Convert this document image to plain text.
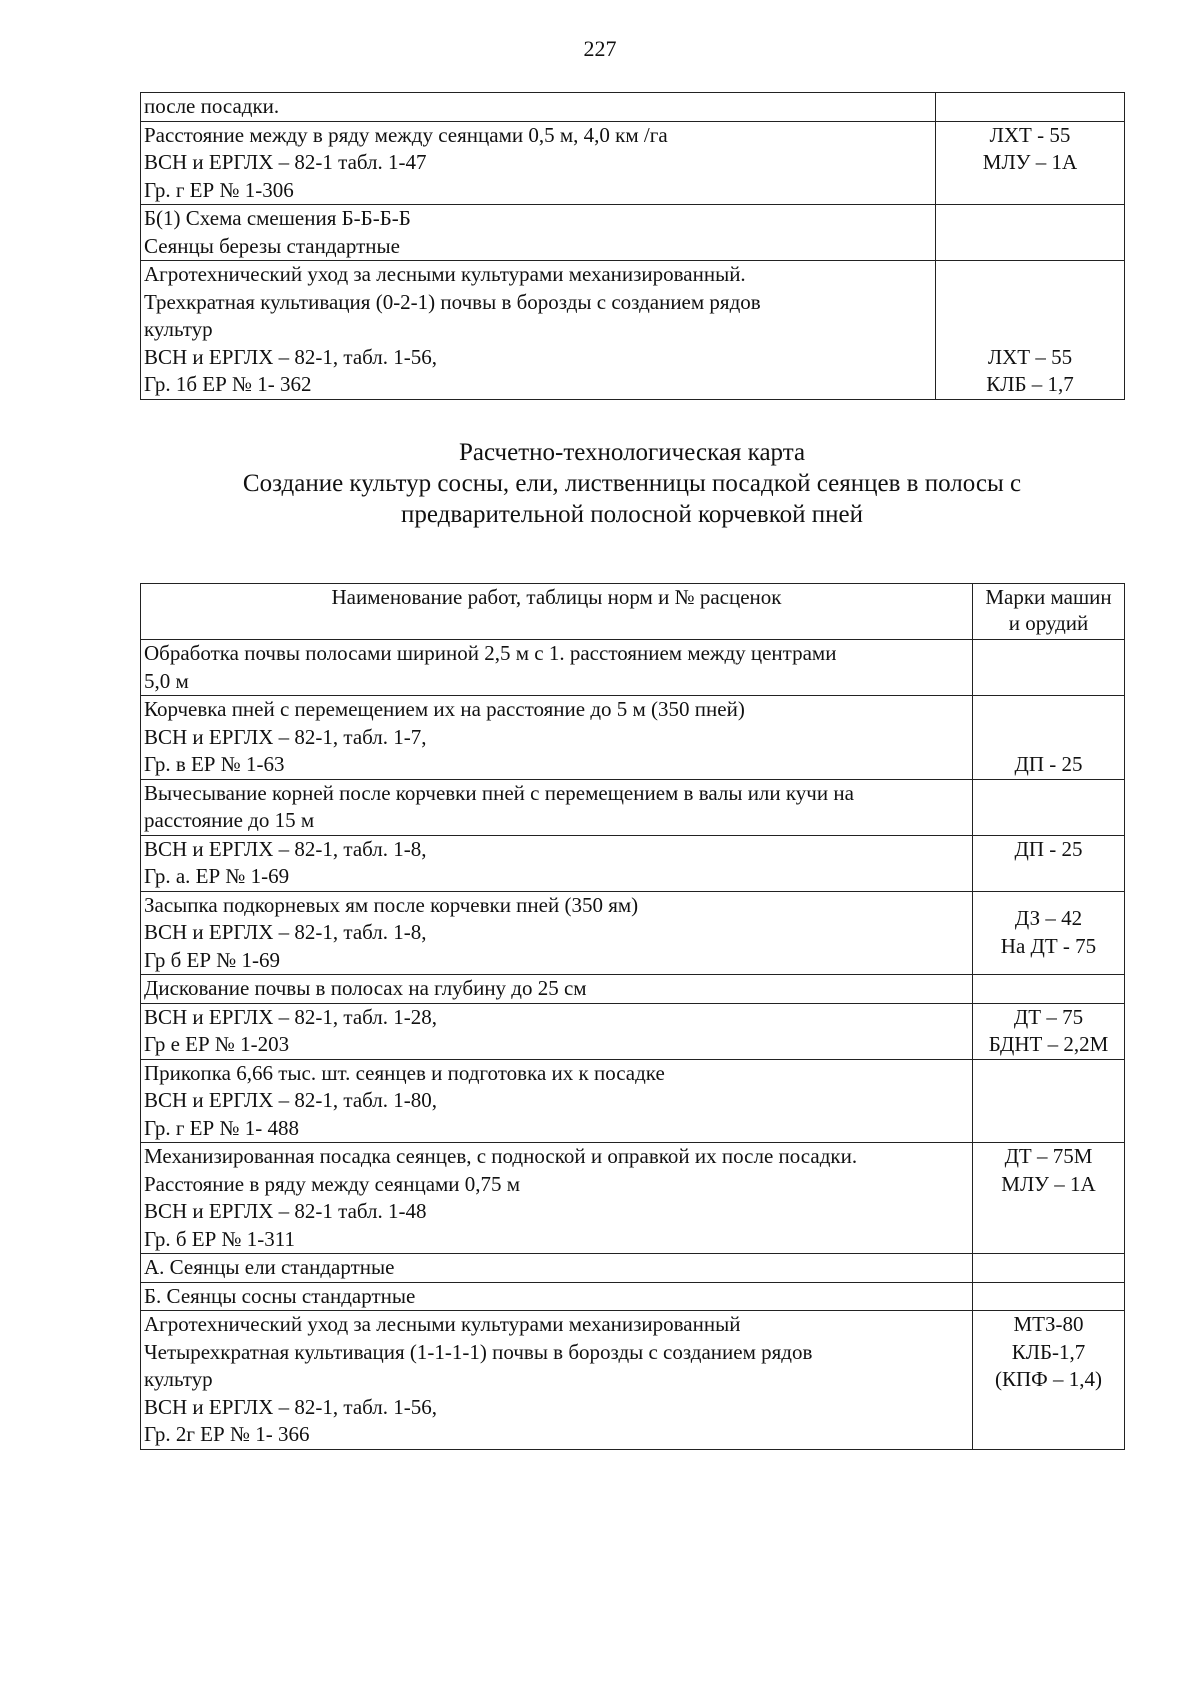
227
после посадки.	

Расстояние между в ряду между сеянцами 0,5 м, 4,0 км /га
ВСН и ЕРГЛХ – 82-1 табл. 1-47
Гр. г ЕР № 1-306	ЛХТ - 55
МЛУ – 1А

Б(1) Схема смешения Б-Б-Б-Б
Сеянцы березы стандартные	

Агротехнический уход за лесными культурами механизированный.
Трехкратная культивация (0-2-1) почвы в борозды с созданием рядов
культур
ВСН и ЕРГЛХ – 82-1, табл. 1-56,
Гр. 1б ЕР № 1- 362	ЛХТ – 55
КЛБ – 1,7
Расчетно-технологическая карта
Создание культур сосны, ели, лиственницы посадкой сеянцев в полосы с
предварительной полосной корчевкой пней
Наименование работ, таблицы норм и № расценок	Марки машин
и орудий

Обработка почвы полосами шириной 2,5 м с 1. расстоянием между центрами
5,0 м	

Корчевка пней с перемещением их на расстояние до 5 м (350 пней)
ВСН и ЕРГЛХ – 82-1, табл. 1-7,
Гр. в ЕР № 1-63	ДП - 25

Вычесывание корней после корчевки пней с перемещением в валы или кучи на
расстояние до 15 м	

ВСН и ЕРГЛХ – 82-1, табл. 1-8,
Гр. а. ЕР № 1-69	ДП - 25

Засыпка подкорневых ям после корчевки пней (350 ям)
ВСН и ЕРГЛХ – 82-1, табл. 1-8,
Гр б ЕР № 1-69	ДЗ – 42
На ДТ - 75

Дискование почвы в полосах на глубину до 25 см	

ВСН и ЕРГЛХ – 82-1, табл. 1-28,
Гр е ЕР № 1-203	ДТ – 75
БДНТ – 2,2М

Прикопка 6,66 тыс. шт. сеянцев и подготовка их к посадке
ВСН и ЕРГЛХ – 82-1, табл. 1-80,
Гр. г ЕР № 1- 488	

Механизированная посадка сеянцев, с подноской и оправкой их после посадки.
Расстояние в ряду между сеянцами 0,75 м
ВСН и ЕРГЛХ – 82-1 табл. 1-48
Гр. б ЕР № 1-311	ДТ – 75М
МЛУ – 1А

А. Сеянцы ели стандартные	

Б. Сеянцы сосны стандартные	

Агротехнический уход за лесными культурами механизированный
Четырехкратная культивация (1-1-1-1) почвы в борозды с созданием рядов
культур
ВСН и ЕРГЛХ – 82-1, табл. 1-56,
Гр. 2г ЕР № 1- 366	МТЗ-80
КЛБ-1,7
(КПФ – 1,4)
